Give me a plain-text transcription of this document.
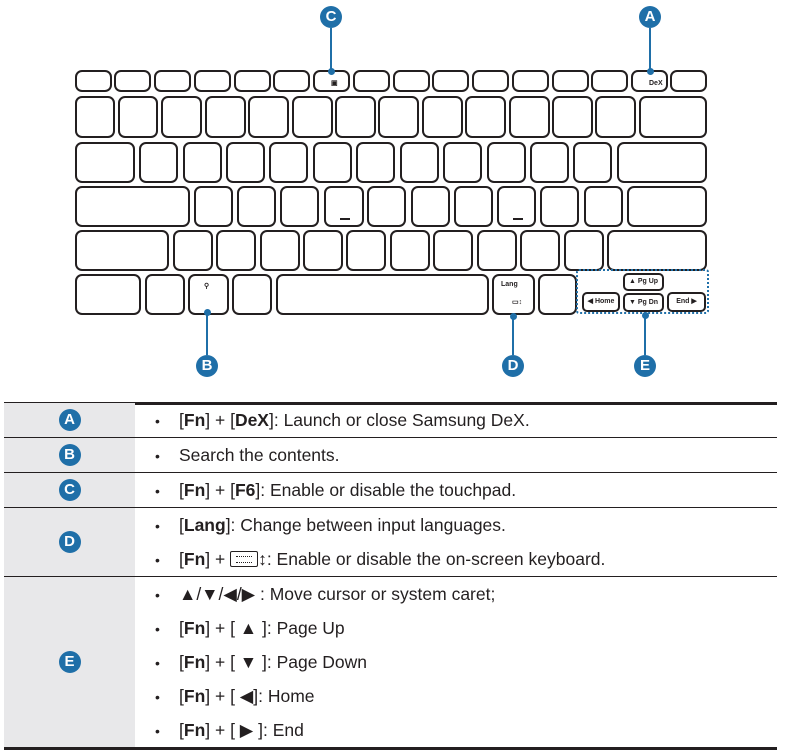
▣	DeX
⚲	Lang
▭↕	◀ Home
▲ Pg Up
▼ Pg Dn	End ▶
A
B
C
D	E
A	• [Fn] + [DeX]: Launch or close Samsung DeX.

B	• Search the contents.

C	• [Fn] + [F6]: Enable or disable the touchpad.

D	• [Lang]: Change between input languages.
• [Fn] + ↕: Enable or disable the on-screen keyboard.

E	• ▲/▼/◀/▶ : Move cursor or system caret;
• [Fn] + [ ▲ ]: Page Up
• [Fn] + [ ▼ ]: Page Down
• [Fn] + [ ◀]: Home
• [Fn] + [ ▶ ]: End
